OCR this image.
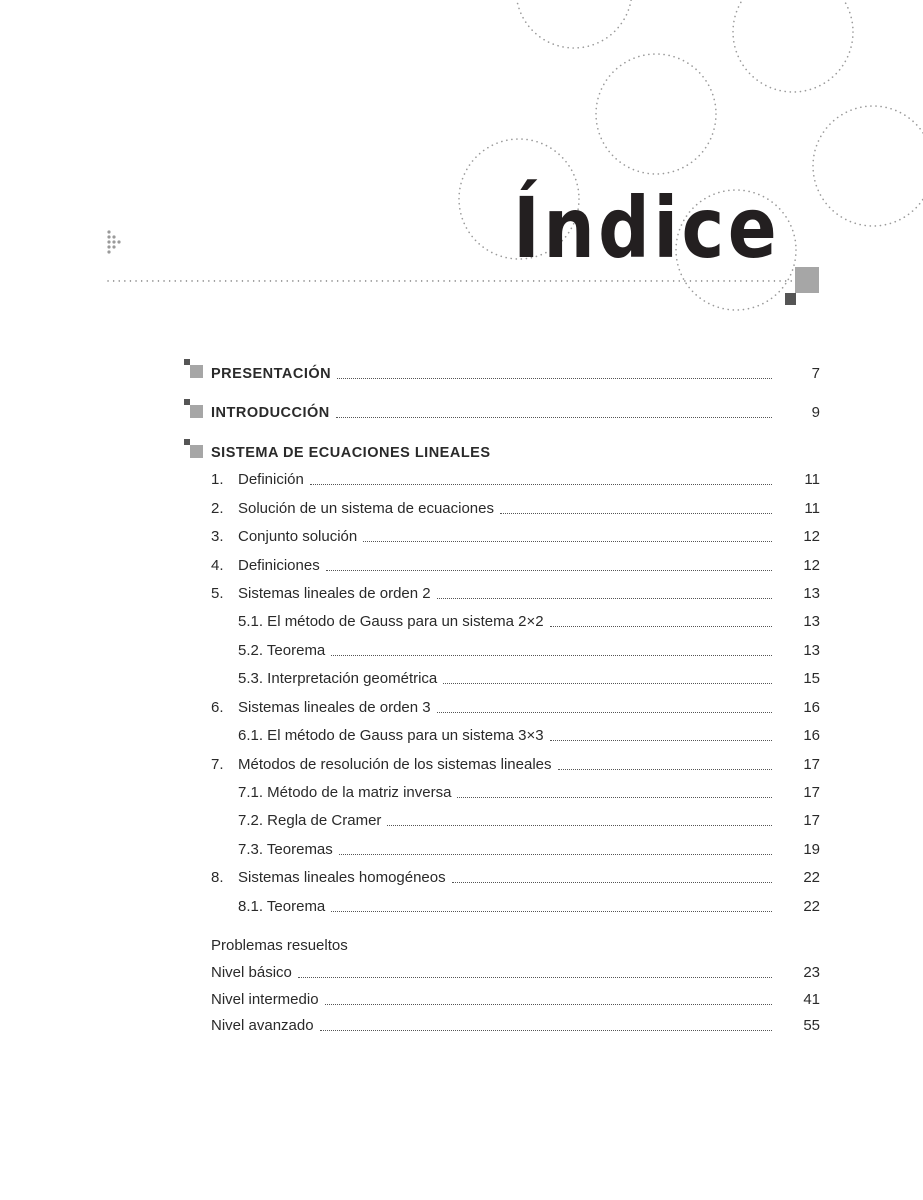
Índice
PRESENTACIÓN	7
INTRODUCCIÓN	9
SISTEMA DE ECUACIONES LINEALES
1. Definición	11
2. Solución de un sistema de ecuaciones	11
3. Conjunto solución	12
4. Definiciones	12
5. Sistemas lineales de orden 2	13
5.1. El método de Gauss para un sistema 2×2	13
5.2. Teorema	13
5.3. Interpretación geométrica	15
6. Sistemas lineales de orden 3	16
6.1. El método de Gauss para un sistema 3×3	16
7. Métodos de resolución de los sistemas lineales	17
7.1. Método de la matriz inversa	17
7.2. Regla de Cramer	17
7.3. Teoremas	19
8. Sistemas lineales homogéneos	22
8.1. Teorema	22
Problemas resueltos
Nivel básico	23
Nivel intermedio	41
Nivel avanzado	55
